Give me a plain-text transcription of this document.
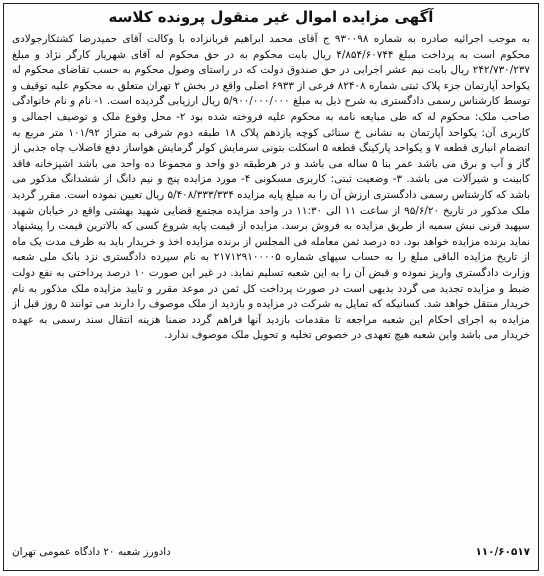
آگهی مزایده اموال غیر منقول پرونده کلاسه
به موجب اجرائیه صادره به شماره ۹۳۰۰۹۸ ج آقای محمد ابراهیم قربانزاده با وکالت آقای حمیدرضا کشتکارجولادی محکوم است به پرداخت مبلغ ۴/۸۵۴/۶۰۷۴۴ ریال بابت محکوم به در حق محکوم له آقای شهریار کارگر نژاد و مبلغ ۲۴۲/۷۳۰/۲۳۷ ریال بابت نیم عشر اجرایی در حق صندوق دولت که در راستای وصول محکوم به حسب تقاضای محکوم له یکواحد آپارتمان جزء پلاک ثبتی شماره ۸۲۴۰۸ فرعی از ۶۹۳۳ اصلی واقع در بخش ۲ تهران متعلق به محکوم علیه توقیف و توسط کارشناس رسمی دادگستری به شرح ذیل به مبلغ ۵/۹۰۰/۰۰۰/۰۰۰ ریال ارزیابی گردیده است. ۱- نام و نام خانوادگی صاحب ملک: محکوم له که طی مبایعه نامه به محکوم علیه فروخته شده بود ۲- محل وقوع ملک و توصیف اجمالی و کاربری آن: یکواحد آپارتمان به نشانی خ سنائی کوچه یازدهم پلاک ۱۸ طبقه دوم شرقی به متراژ ۱۰۱/۹۲ متر مربع به انضمام انباری قطعه ۷ و یکواحد پارکینگ قطعه ۵ اسکلت بتونی سرمایش کولر گرمایش هواساز دفع فاضلاب چاه جذبی از گاز و آب و برق می باشد عمر بنا ۵ ساله می باشد و در هرطبقه دو واحد و مجموعا ده واحد می باشد اشپزخانه فاقد کابینت و شیرآلات می باشد. ۳- وضعیت ثبتی: کاربری مسکونی ۴- مورد مزایده پنج و نیم دانگ از ششدانگ مذکور می باشد که کارشناس رسمی دادگستری ارزش آن را به مبلغ پایه مزایده ۵/۴۰۸/۳۳۳/۳۳۴ ریال تعیین نموده است. مقرر گردید ملک مذکور در تاریخ ۹۵/۶/۲۰ از ساعت ۱۱ الی ۱۱:۳۰ در واحد مزایده مجتمع قضایی شهید بهشتی واقع در خیابان شهید سپهبد قرنی نبش سمیه از طریق مزایده به فروش برسد. مزایده از قیمت پایه شروع کسی که بالاترین قیمت را پیشنهاد نماید برنده مزایده خواهد بود. ده درصد ثمن معامله فی المجلس از برنده مزایده اخذ و خریدار باید به ظرف مدت یک ماه از تاریخ مزایده الباقی مبلغ را به حساب سپهای شماره ۲۱۷۱۲۹۱۰۰۰۰۵ به نام سپرده دادگستری نزد بانک ملی شعبه وزارت دادگستری واریز نموده و قبض آن را به این شعبه تسلیم نماید. در غیر این صورت ۱۰ درصد پرداختی به نفع دولت ضبط و مزایده تجدید می گردد بدیهی است در صورت پرداخت کل ثمن در موعد مقرر و تایید مزایده ملک مذکور به نام خریدار منتقل خواهد شد. کسانیکه که تمایل به شرکت در مزایده و بازدید از ملک موصوف را دارند می توانند ۵ روز قبل از مزایده به اجرای احکام این شعبه مراجعه تا مقدمات بازدید آنها فراهم گردد ضمنا هزینه انتقال سند رسمی به عهده خریدار می باشد واین شعبه هیچ تعهدی در خصوص تخلیه و تحویل ملک موصوف ندارد.
۱۱۰/۶۰۵۱۷
دادورز شعبه ۲۰ دادگاه عمومی تهران
